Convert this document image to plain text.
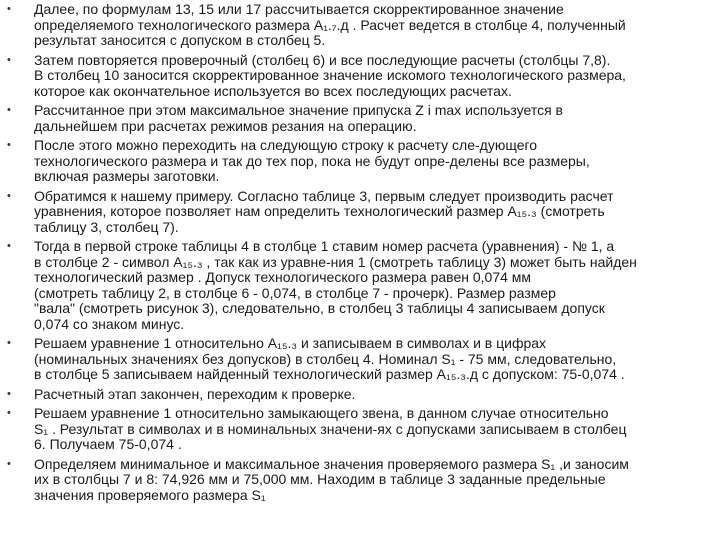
• Далее, по формулам 13, 15 или 17 рассчитывается скорректированное значение
определяемого технологического размера A₁.₇.д . Расчет ведется в столбце 4, полученный
результат заносится с допуском в столбец 5.
• Затем повторяется проверочный (столбец 6) и все последующие расчеты (столбцы 7,8).
В столбец 10 заносится скорректированное значение искомого технологического размера,
которое как окончательное используется во всех последующих расчетах.
• Рассчитанное при этом максимальное значение припуска Z i max используется в
дальнейшем при расчетах режимов резания на операцию.
• После этого можно переходить на следующую строку к расчету сле-дующего
технологического размера и так до тех пор, пока не будут опре-делены все размеры,
включая размеры заготовки.
• Обратимся к нашему примеру. Согласно таблице 3, первым следует производить расчет
уравнения, которое позволяет нам определить технологический размер A₁₅.₃ (смотреть
таблицу 3, столбец 7).
• Тогда в первой строке таблицы 4 в столбце 1 ставим номер расчета (уравнения) - № 1, а
в столбце 2 - символ A₁₅.₃ , так как из уравне-ния 1 (смотреть таблицу 3) может быть найден
технологический размер . Допуск технологического размера равен 0,074 мм
(смотреть таблицу 2, в столбце 6 - 0,074, в столбце 7 - прочерк). Размер размер
"вала" (смотреть рисунок 3), следовательно, в столбец 3 таблицы 4 записываем допуск
0,074 со знаком минус.
• Решаем уравнение 1 относительно A₁₅.₃ и записываем в символах и в цифрах
(номинальных значениях без допусков) в столбец 4. Номинал S₁ - 75 мм, следовательно,
в столбце 5 записываем найденный технологический размер A₁₅.₃.д с допуском: 75-0,074 .
• Расчетный этап закончен, переходим к проверке.
• Решаем уравнение 1 относительно замыкающего звена, в данном случае относительно
S₁ . Результат в символах и в номинальных значени-ях с допусками записываем в столбец
6. Получаем 75-0,074 .
• Определяем минимальное и максимальное значения проверяемого размера S₁ ,и заносим
их в столбцы 7 и 8: 74,926 мм и 75,000 мм. Находим в таблице 3 заданные предельные
значения проверяемого размера S₁
